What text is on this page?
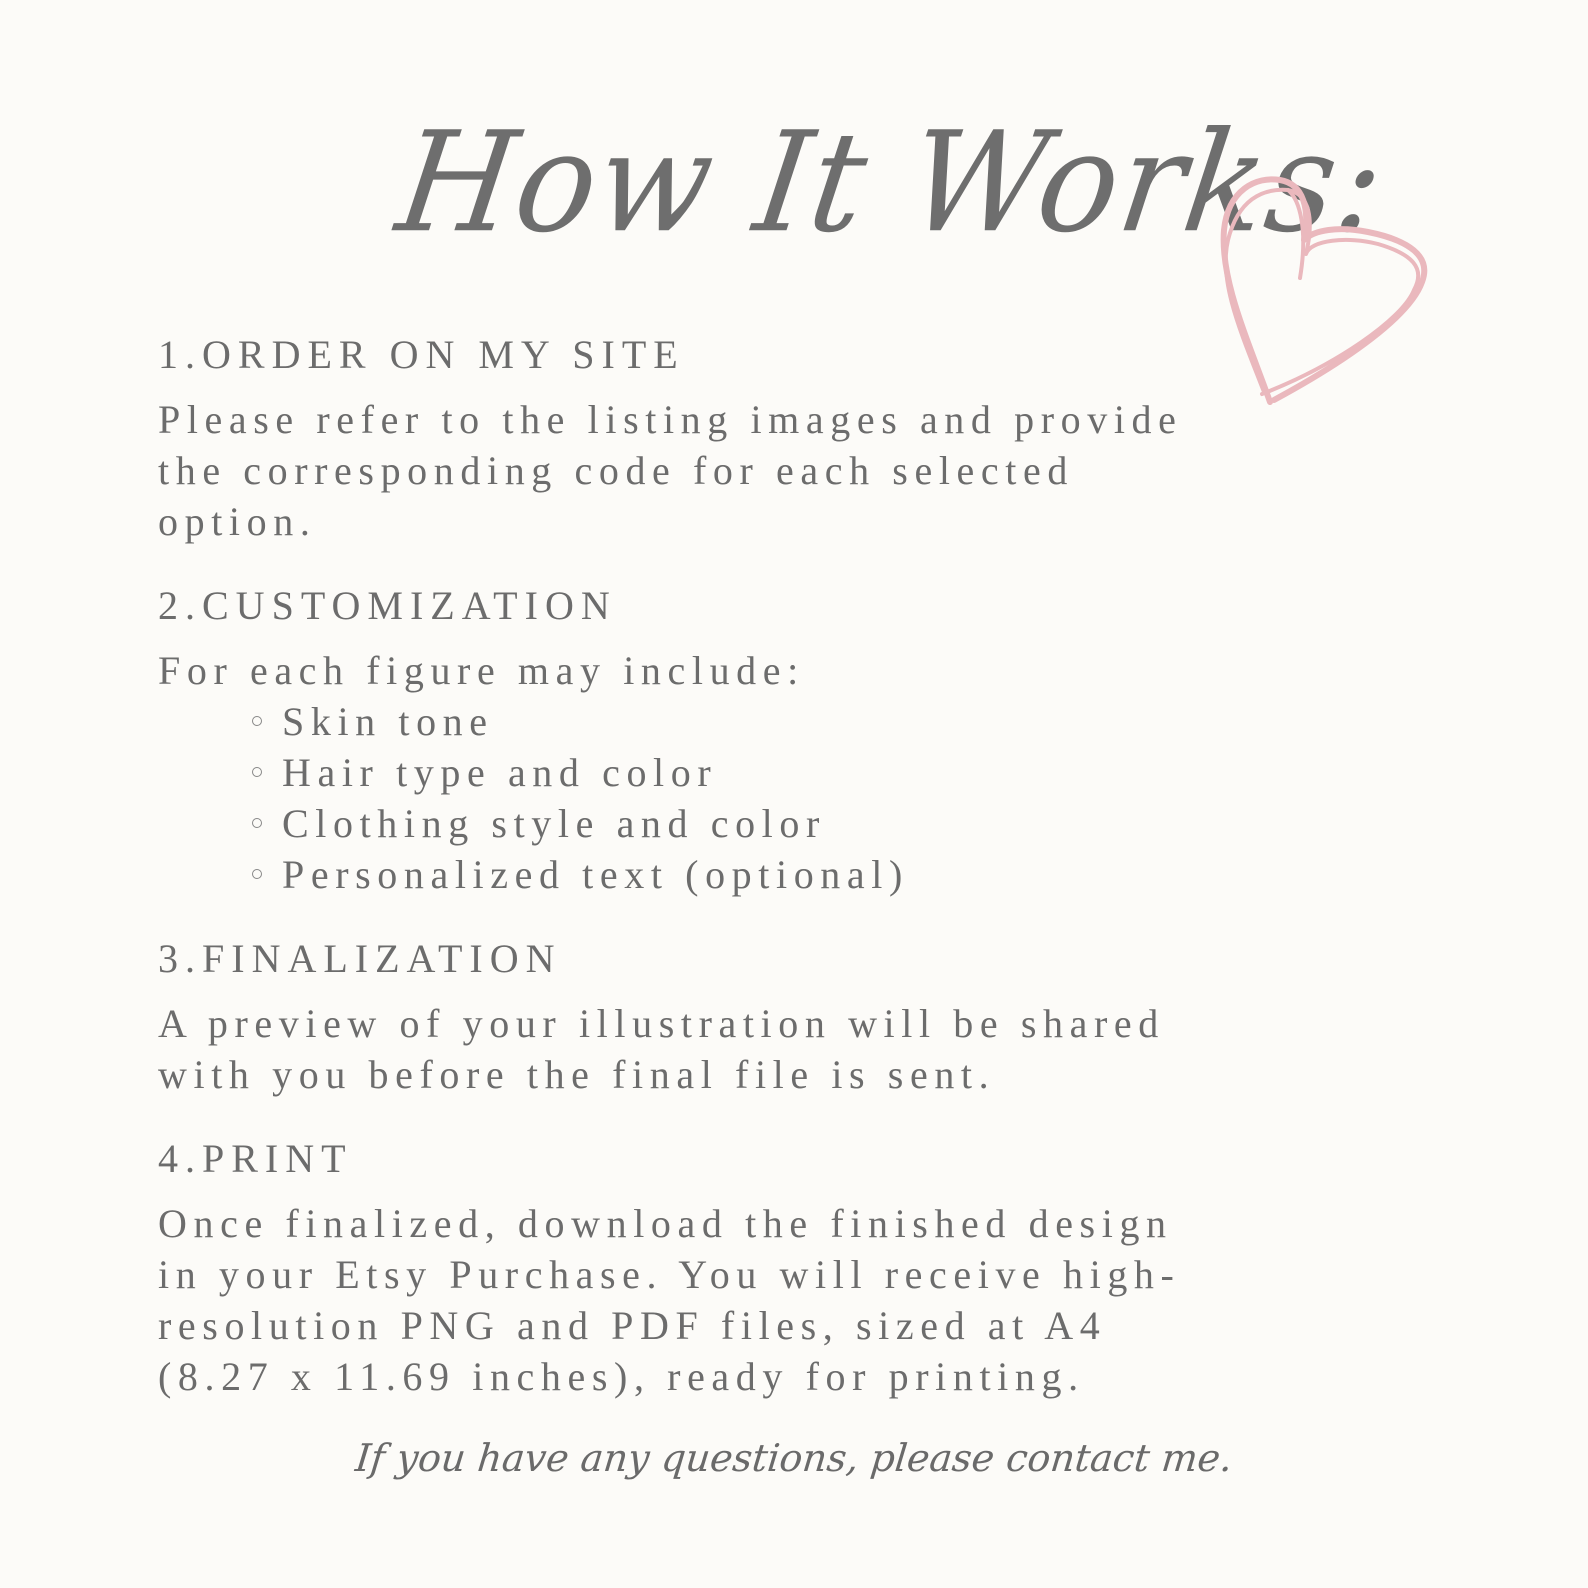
How It Works:
1.ORDER ON MY SITE

Please refer to the listing images and provide

the corresponding code for each selected

option.

2.CUSTOMIZATION

For each figure may include:

Skin tone
Hair type and color
Clothing style and color
Personalized text (optional)
3.FINALIZATION

A preview of your illustration will be shared

with you before the final file is sent.

4.PRINT

Once finalized, download the finished design

in your Etsy Purchase. You will receive high-

resolution PNG and PDF files, sized at A4

(8.27 x 11.69 inches), ready for printing.

If you have any questions, please contact me.
